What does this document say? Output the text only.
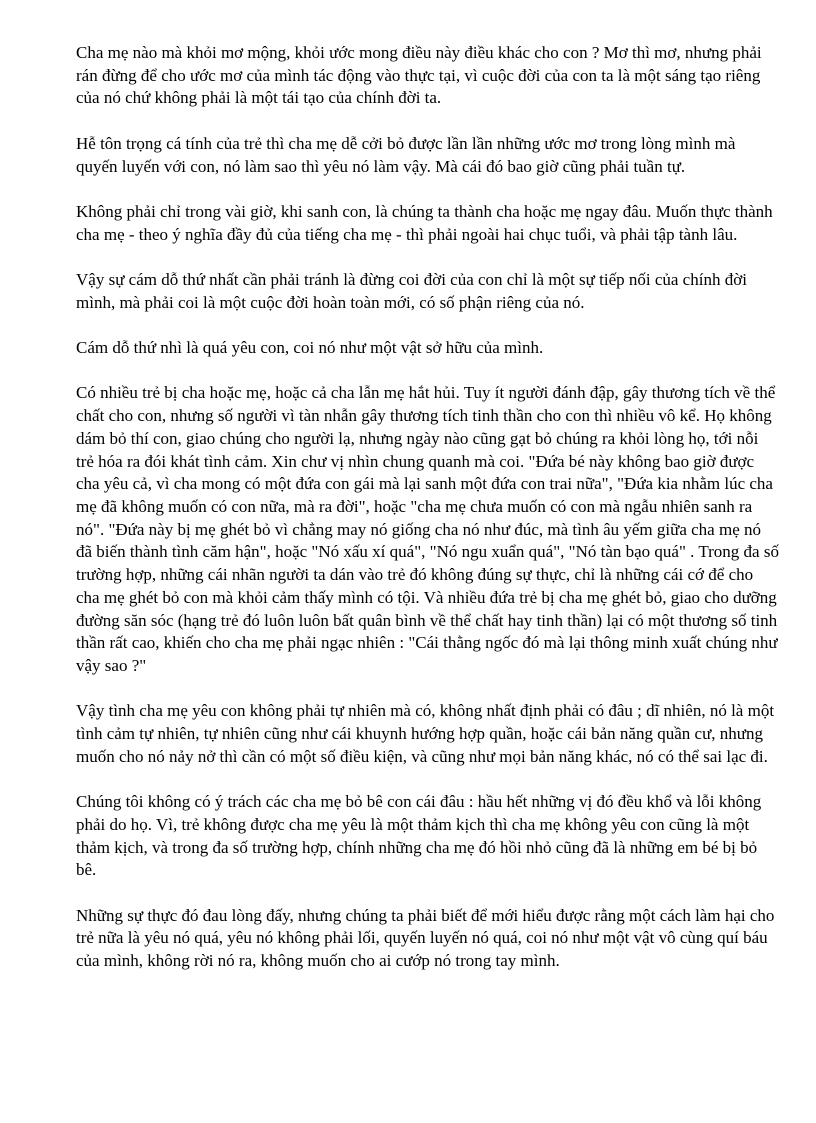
Cha mẹ nào mà khỏi mơ mộng, khỏi ước mong điều này điều khác cho con ? Mơ thì mơ, nhưng phải rán đừng để cho ước mơ của mình tác động vào thực tại, vì cuộc đời của con ta là một sáng tạo riêng của nó chứ không phải là một tái tạo của chính đời ta.

Hễ tôn trọng cá tính của trẻ thì cha mẹ dễ cởi bỏ được lần lần những ước mơ trong lòng mình mà quyến luyến với con, nó làm sao thì yêu nó làm vậy. Mà cái đó bao giờ cũng phải tuần tự.

Không phải chỉ trong vài giờ, khi sanh con, là chúng ta thành cha hoặc mẹ ngay đâu. Muốn thực thành cha mẹ - theo ý nghĩa đầy đủ của tiếng cha mẹ - thì phải ngoài hai chục tuổi, và phải tập tành lâu.

Vậy sự cám dỗ thứ nhất cần phải tránh là đừng coi đời của con chỉ là một sự tiếp nối của chính đời mình, mà phải coi là một cuộc đời hoàn toàn mới, có số phận riêng của nó.

Cám dỗ thứ nhì là quá yêu con, coi nó như một vật sở hữu của mình.

Có nhiều trẻ bị cha hoặc mẹ, hoặc cả cha lẫn mẹ hắt hủi. Tuy ít người đánh đập, gây thương tích về thể chất cho con, nhưng số người vì tàn nhẫn gây thương tích tinh thần cho con thì nhiều vô kể. Họ không dám bỏ thí con, giao chúng cho người lạ, nhưng ngày nào cũng gạt bỏ chúng ra khỏi lòng họ, tới nỗi trẻ hóa ra đói khát tình cảm. Xin chư vị nhìn chung quanh mà coi. "Đứa bé này không bao giờ được cha yêu cả, vì cha mong có một đứa con gái mà lại sanh một đứa con trai nữa", "Đứa kia nhằm lúc cha mẹ đã không muốn có con nữa, mà ra đời", hoặc "cha mẹ chưa muốn có con mà ngẫu nhiên sanh ra nó". "Đứa này bị mẹ ghét bỏ vì chẳng may nó giống cha nó như đúc, mà tình âu yếm giữa cha mẹ nó đã biến thành tình căm hận", hoặc "Nó xấu xí quá", "Nó ngu xuẩn quá", "Nó tàn bạo quá" . Trong đa số trường hợp, những cái nhãn người ta dán vào trẻ đó không đúng sự thực, chỉ là những cái cớ để cho cha mẹ ghét bỏ con mà khỏi cảm thấy mình có tội. Và nhiều đứa trẻ bị cha mẹ ghét bỏ, giao cho dưỡng đường săn sóc (hạng trẻ đó luôn luôn bất quân bình về thể chất hay tinh thần) lại có một thương số tinh thần rất cao, khiến cho cha mẹ phải ngạc nhiên : "Cái thằng ngốc đó mà lại thông minh xuất chúng như vậy sao ?"

Vậy tình cha mẹ yêu con không phải tự nhiên mà có, không nhất định phải có đâu ; dĩ nhiên, nó là một tình cảm tự nhiên, tự nhiên cũng như cái khuynh hướng hợp quần, hoặc cái bản năng quần cư, nhưng muốn cho nó nảy nở thì cần có một số điều kiện, và cũng như mọi bản năng khác, nó có thể sai lạc đi.

Chúng tôi không có ý trách các cha mẹ bỏ bê con cái đâu : hầu hết những vị đó đều khổ và lỗi không phải do họ. Vì, trẻ không được cha mẹ yêu là một thảm kịch thì cha mẹ không yêu con cũng là một thảm kịch, và trong đa số trường hợp, chính những cha mẹ đó hồi nhỏ cũng đã là những em bé bị bỏ bê.

Những sự thực đó đau lòng đấy, nhưng chúng ta phải biết để mới hiểu được rằng một cách làm hại cho trẻ nữa là yêu nó quá, yêu nó không phải lối, quyến luyến nó quá, coi nó như một vật vô cùng quí báu của mình, không rời nó ra, không muốn cho ai cướp nó trong tay mình.
